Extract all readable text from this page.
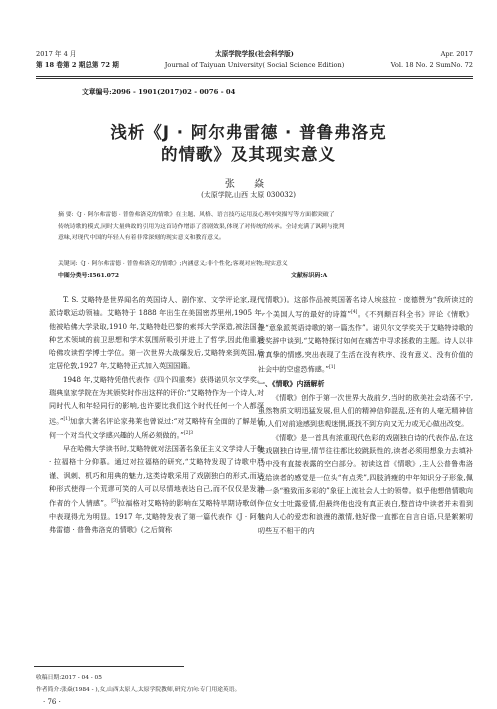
2017 年 4 月	太原学院学报(社会科学版)	Apr. 2017
第 18 卷第 2 期总第 72 期	Journal of Taiyuan University( Social Science Edition)	Vol. 18 No. 2 SumNo. 72
文章编号:2096 - 1901(2017)02 - 0076 - 04
浅析《J · 阿尔弗雷德 · 普鲁弗洛克
的情歌》及其现实意义
张 焱
(太原学院,山西 太原 030032)
摘 要:《J · 阿尔弗雷德 · 普鲁弗洛克的情歌》在主题、风格、语言技巧运用及心理冲突描写等方面都突破了
传统诗歌的模式,同时大量典故的引用为这首诗作增添了喜剧效果,体现了对传统的传承。全诗充满了讽刺与批判
意味,对现代中国的年轻人有着非常深刻的现实意义和教育意义。
关键词:《J · 阿尔弗雷德 · 普鲁弗洛克的情歌》;内涵意义;非个性化;客观对应物;现实意义
中图分类号:I561.072	文献标识码:A

T. S. 艾略特是世界闻名的英国诗人、剧作家、文学评论家,现代派诗歌运动领袖。艾略特于 1888 年出生在美国密苏里州,1905 年,他被哈佛大学录取,1910 年,艾略特赴巴黎的索邦大学深造,被法国各种艺术领域的前卫思想和学术氛围所吸引并进上了哲学,因此他重返哈佛攻读哲学博士学位。第一次世界大战爆发后,艾略特来到英国,后定居伦敦,1927 年,艾略特正式加入英国国籍。

1948 年,艾略特凭借代表作《四个四重奏》获得诺贝尔文学奖。瑞典皇家学院在为其颁奖时作出这样的评价:“艾略特作为一个诗人,对同时代人和年轻同行的影响,也许要比我们这个时代任何一个人都深远。”[1]加拿大著名评论家弗莱也曾说过:“对艾略特有全面的了解是任何一个对当代文学感兴趣的人所必须做的。”$^{[2]3}$

早在哈佛大学读书时,艾略特就对法国著名象征主义文学诗人于勒 · 拉福格十分仰慕。通过对拉福格的研究,“艾略特发现了诗歌中严谨、讽刺、机巧和用典的魅力,这类诗歌采用了戏剧独白的形式,而这种形式使得一个荒谬可笑的人可以尽情地表达自己,而不仅仅是发泄作者的个人情感”。[3]拉福格对艾略特的影响在艾略特早期诗歌创作中表现得尤为明显。1917 年,艾略特发表了第一篇代表作《J · 阿尔弗雷德 · 普鲁弗洛克的情歌》(之后简称

《情歌》)。这部作品被英国著名诗人埃兹拉 · 庞德赞为“我所读过的一个美国人写的最好的诗篇”[4]。《不列颠百科全书》评论《情歌》是“意象派英语诗歌的第一篇杰作”。诺贝尔文学奖关于艾略特诗歌的授奖辞中谈到,“艾略特探讨如何在痛苦中寻求拯救的主题。诗人以非常真挚的情感,突出表现了生活在没有秩序、没有意义、没有价值的社会中的空虚恐怖感。”[1]

一、《情歌》内涵解析

《情歌》创作于第一次世界大战前夕,当时的欧美社会动荡不宁,虽然物质文明迅猛发展,但人们的精神信仰混乱,还有的人毫无精神信仰,人们对前途感到悲观迷惘,既找不到方向又无力或无心做出改变。

《情歌》是一首具有浓重现代色彩的戏剧独白诗的代表作品,在这类戏剧独白诗里,情节往往都比较跳跃性的,读者必须用想象力去填补诗中没有直接表露的空白部分。初读这首《情歌》,主人公普鲁弗洛克给读者的感觉是一位头“有点秃”,四肢消瘦的中年知识分子形象,佩带一条“雅致而多彩的”象征上流社会人士的领带。似乎他想借情歌向一位女士吐露爱情,但最终他也没有真正表白,整首诗中读者并未看到他向人心的爱恋和浪漫的激情,他好像一直都在自言自语,只是絮絮叨叨些互不相干的内

收稿日期:2017 - 04 - 05
作者简介:张焱(1984 - ),女,山西太原人,太原学院教师,研究方向:专门用途英语。
· 76 ·
